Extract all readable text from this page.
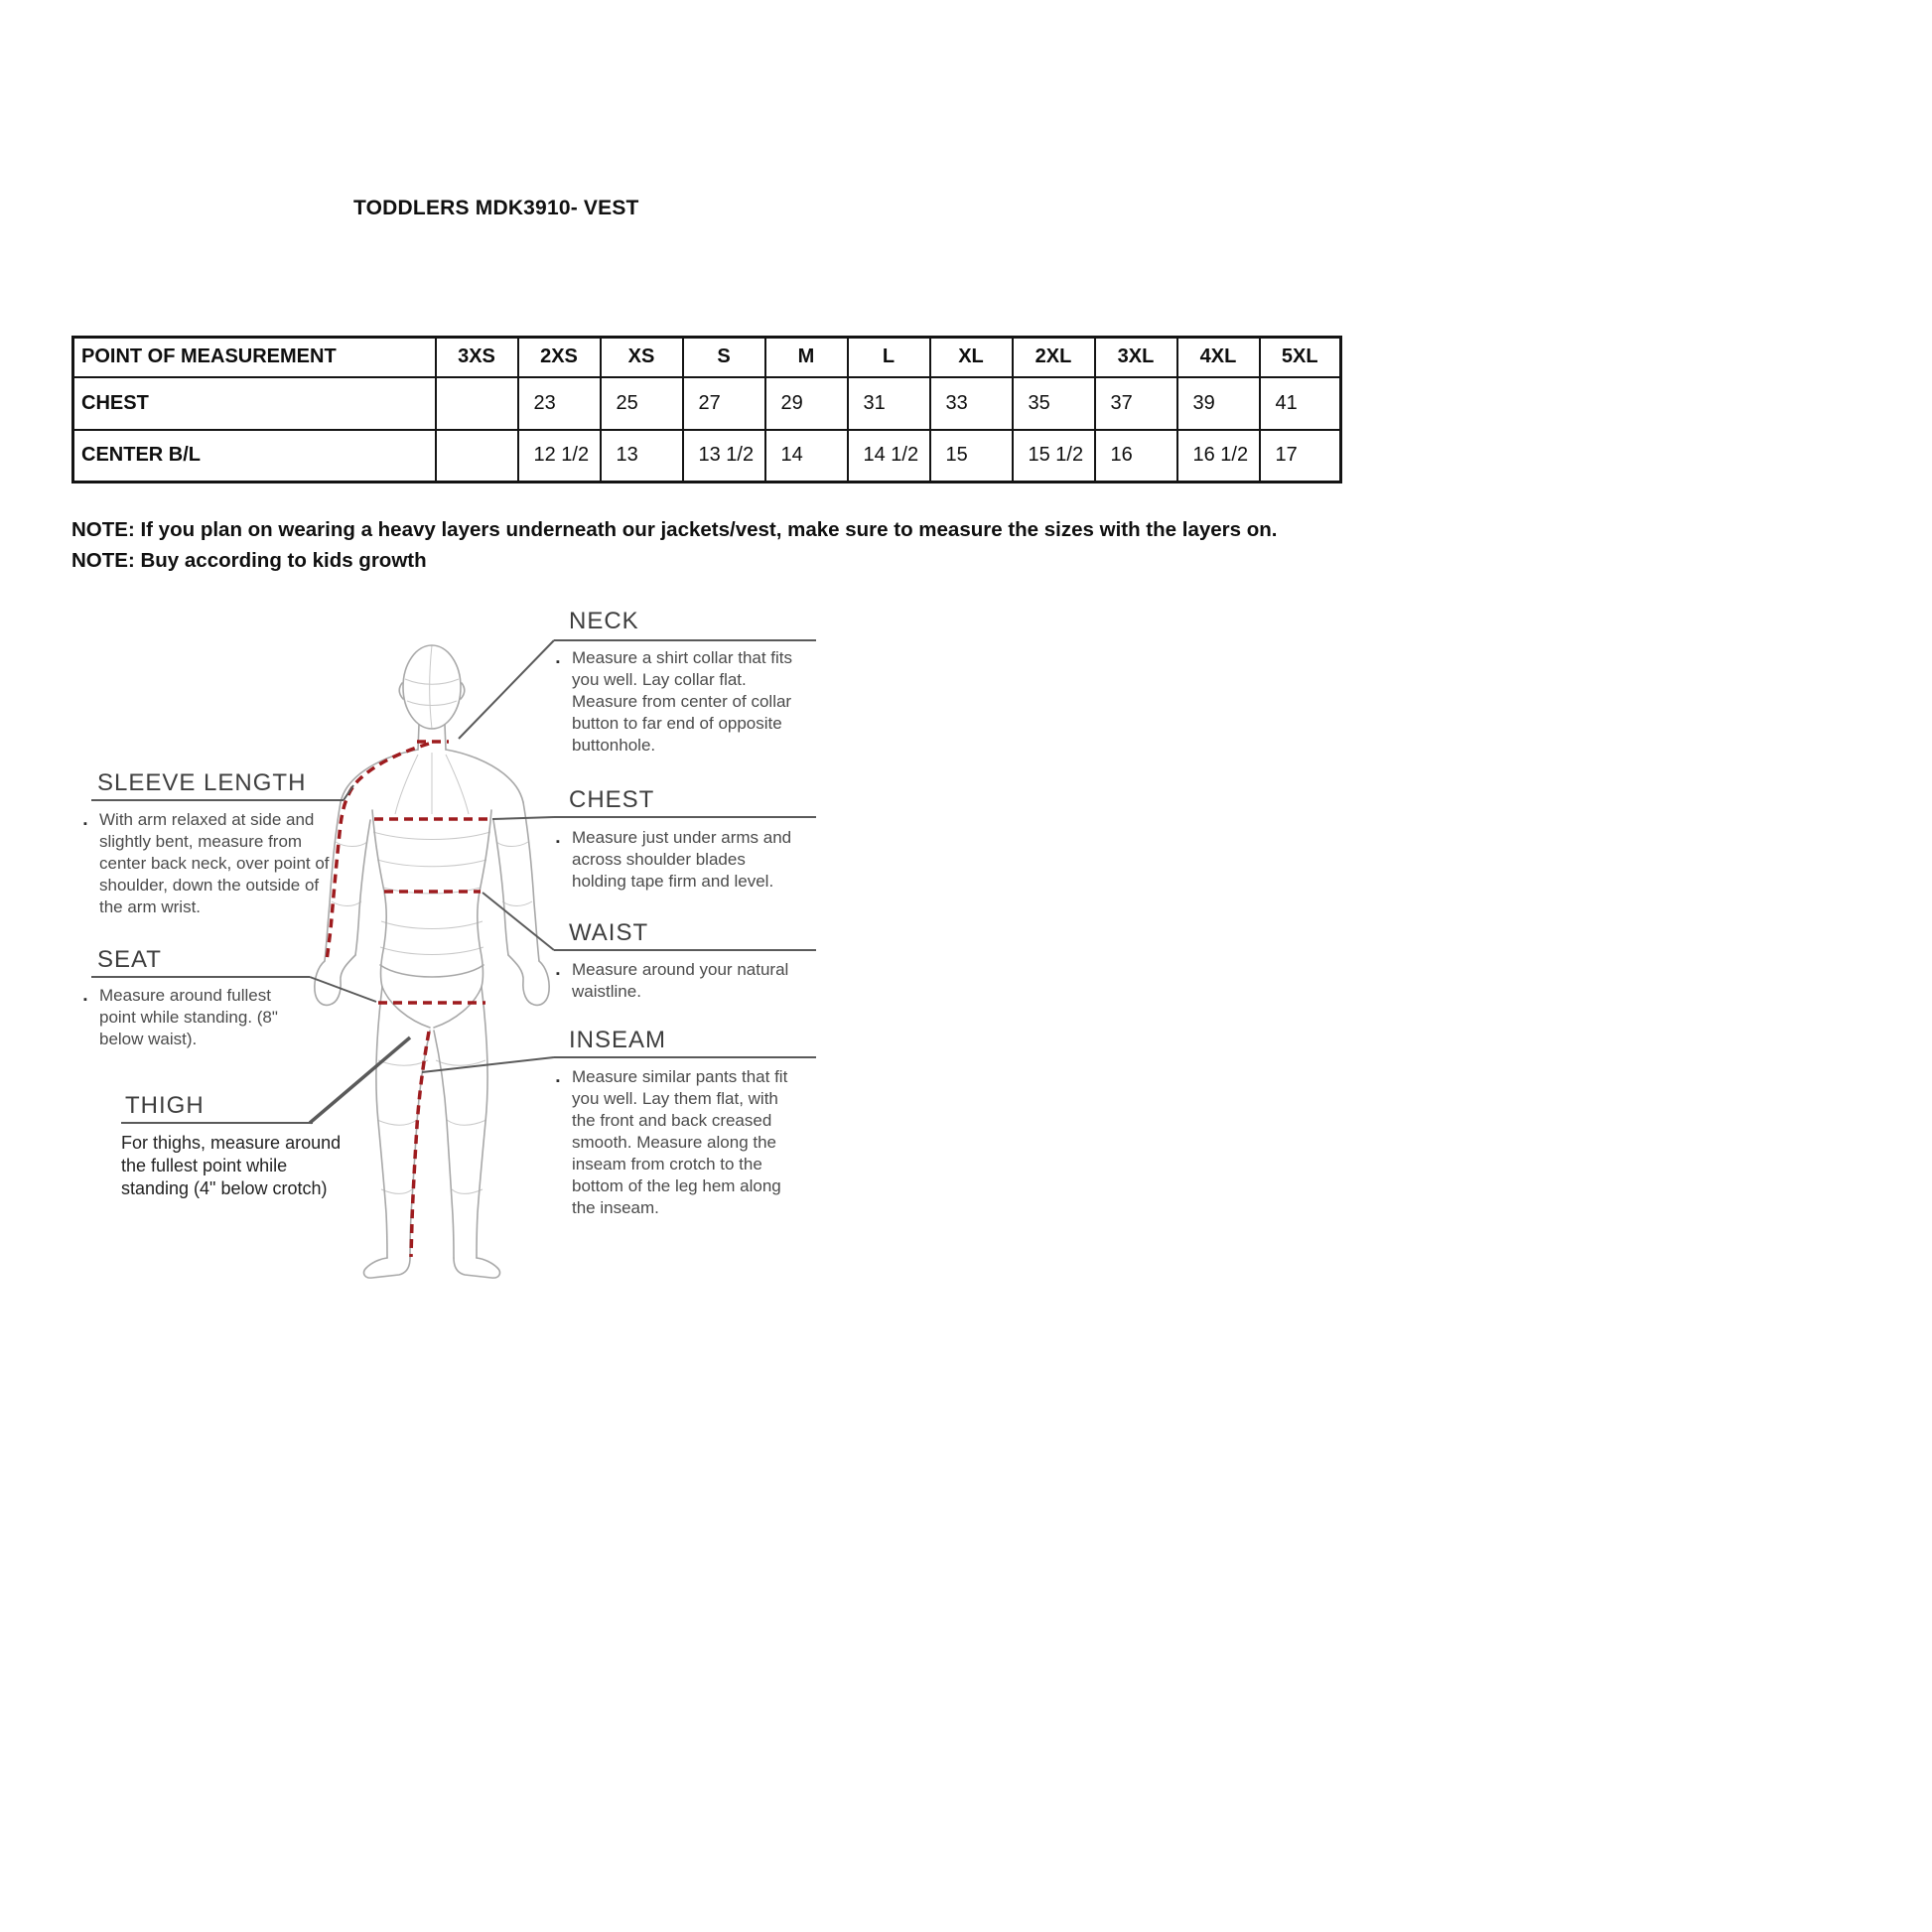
TODDLERS MDK3910- VEST
POINT OF MEASUREMENT	3XS	2XS	XS	S	M	L	XL	2XL	3XL	4XL	5XL
CHEST		23	25	27	29	31	33	35	37	39	41
CENTER B/L		12 1/2	13	13 1/2	14	14 1/2	15	15 1/2	16	16 1/2	17

NOTE: If you plan on wearing a heavy layers underneath our jackets/vest, make sure to measure the sizes with the layers on.

NOTE: Buy according to kids growth

NECK
▪ Measure a shirt collar that fits you well. Lay collar flat. Measure from center of collar button to far end of opposite buttonhole.
CHEST
▪ Measure just under arms and across shoulder blades holding tape firm and level.
WAIST
▪ Measure around your natural waistline.
INSEAM
▪ Measure similar pants that fit you well. Lay them flat, with the front and back creased smooth. Measure along the inseam from crotch to the bottom of the leg hem along the inseam.
SLEEVE LENGTH
▪ With arm relaxed at side and slightly bent, measure from center back neck, over point of shoulder, down the outside of the arm wrist.
SEAT
▪ Measure around fullest point while standing. (8" below waist).
THIGH
For thighs, measure around the fullest point while standing (4" below crotch)
